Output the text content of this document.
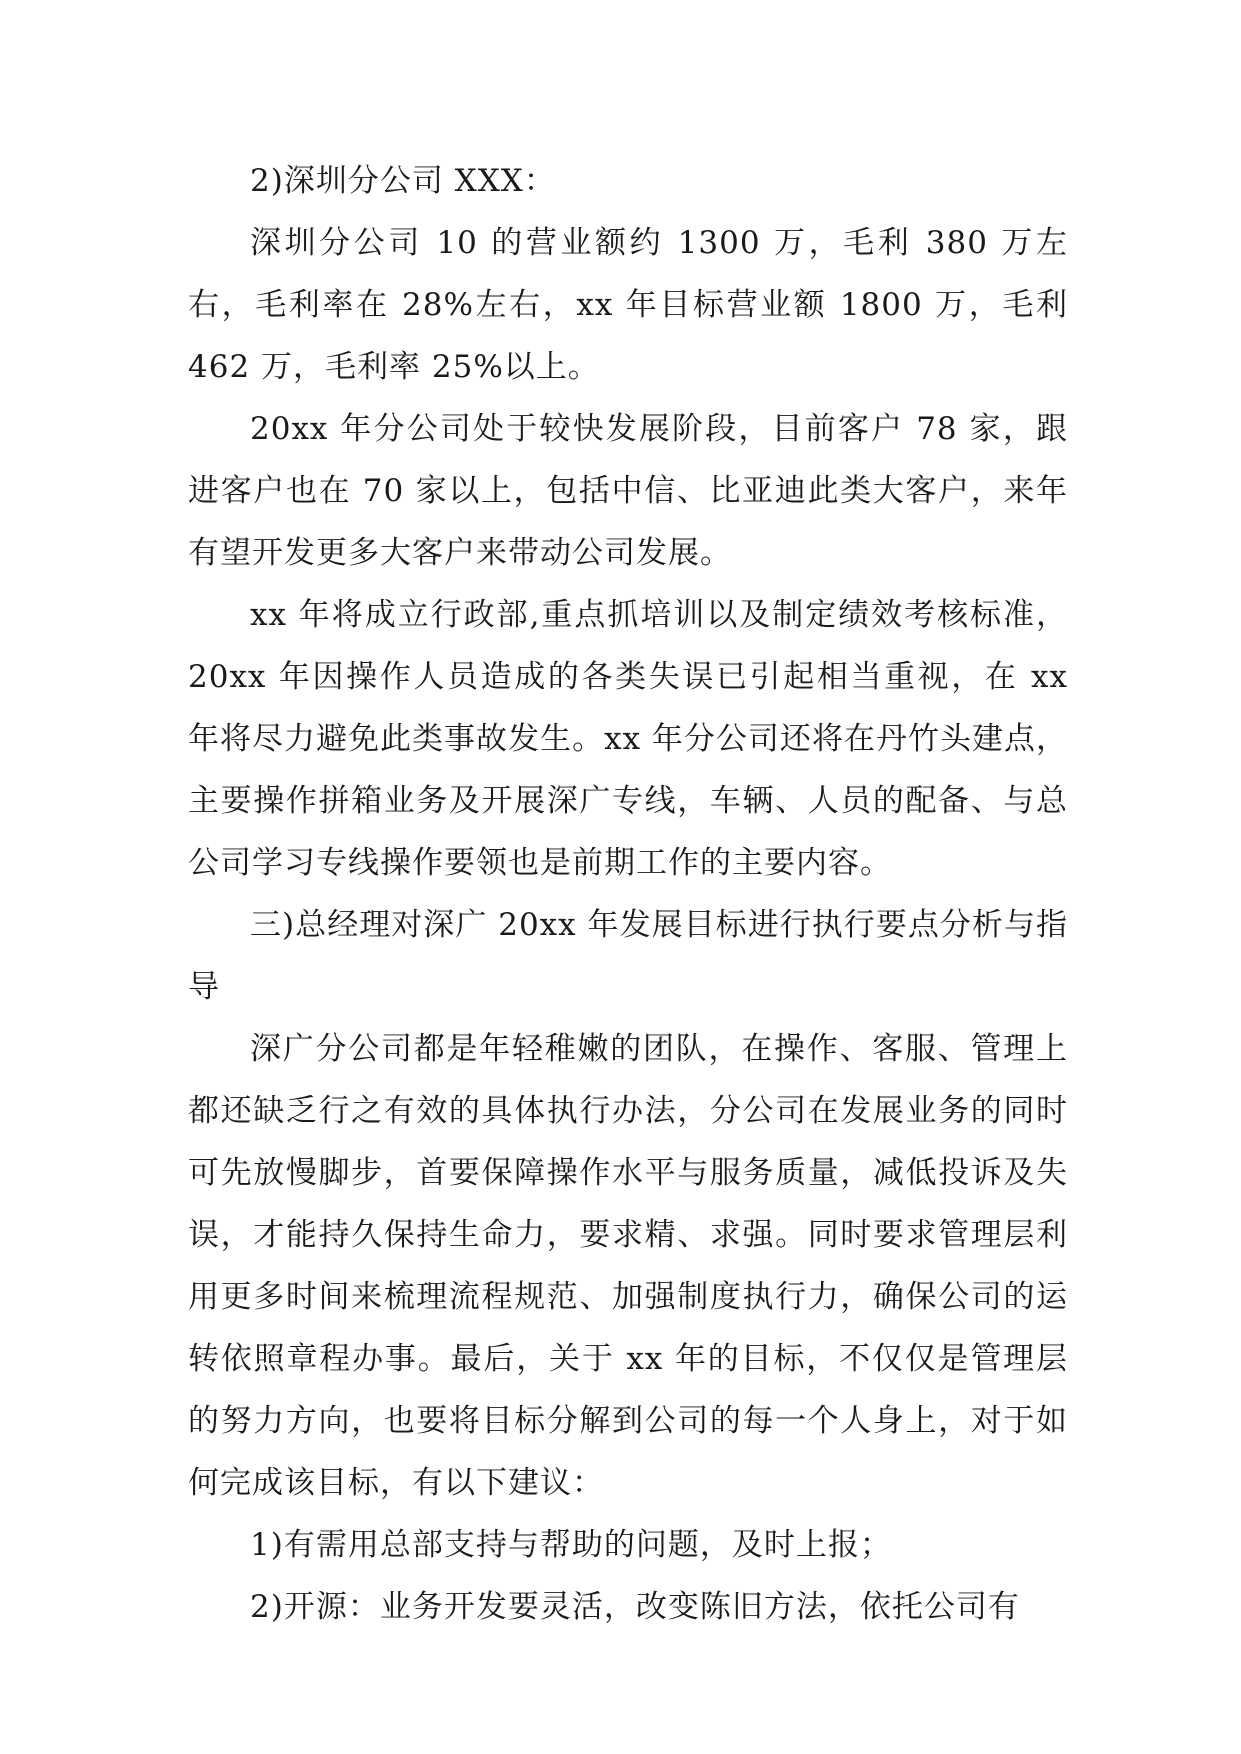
2)深圳分公司 XXX：

深圳分公司 10 的营业额约 1300 万，毛利 380 万左右，毛利率在 28%左右，xx 年目标营业额 1800 万，毛利 462 万，毛利率 25%以上。

20xx 年分公司处于较快发展阶段，目前客户 78 家，跟进客户也在 70 家以上，包括中信、比亚迪此类大客户，来年有望开发更多大客户来带动公司发展。

xx 年将成立行政部,重点抓培训以及制定绩效考核标准，20xx 年因操作人员造成的各类失误已引起相当重视，在 xx 年将尽力避免此类事故发生。xx 年分公司还将在丹竹头建点，主要操作拼箱业务及开展深广专线，车辆、人员的配备、与总公司学习专线操作要领也是前期工作的主要内容。

三)总经理对深广 20xx 年发展目标进行执行要点分析与指导

深广分公司都是年轻稚嫩的团队，在操作、客服、管理上都还缺乏行之有效的具体执行办法，分公司在发展业务的同时可先放慢脚步，首要保障操作水平与服务质量，减低投诉及失误，才能持久保持生命力，要求精、求强。同时要求管理层利用更多时间来梳理流程规范、加强制度执行力，确保公司的运转依照章程办事。最后，关于 xx 年的目标，不仅仅是管理层的努力方向，也要将目标分解到公司的每一个人身上，对于如何完成该目标，有以下建议：

1)有需用总部支持与帮助的问题，及时上报；

2)开源：业务开发要灵活，改变陈旧方法，依托公司有
